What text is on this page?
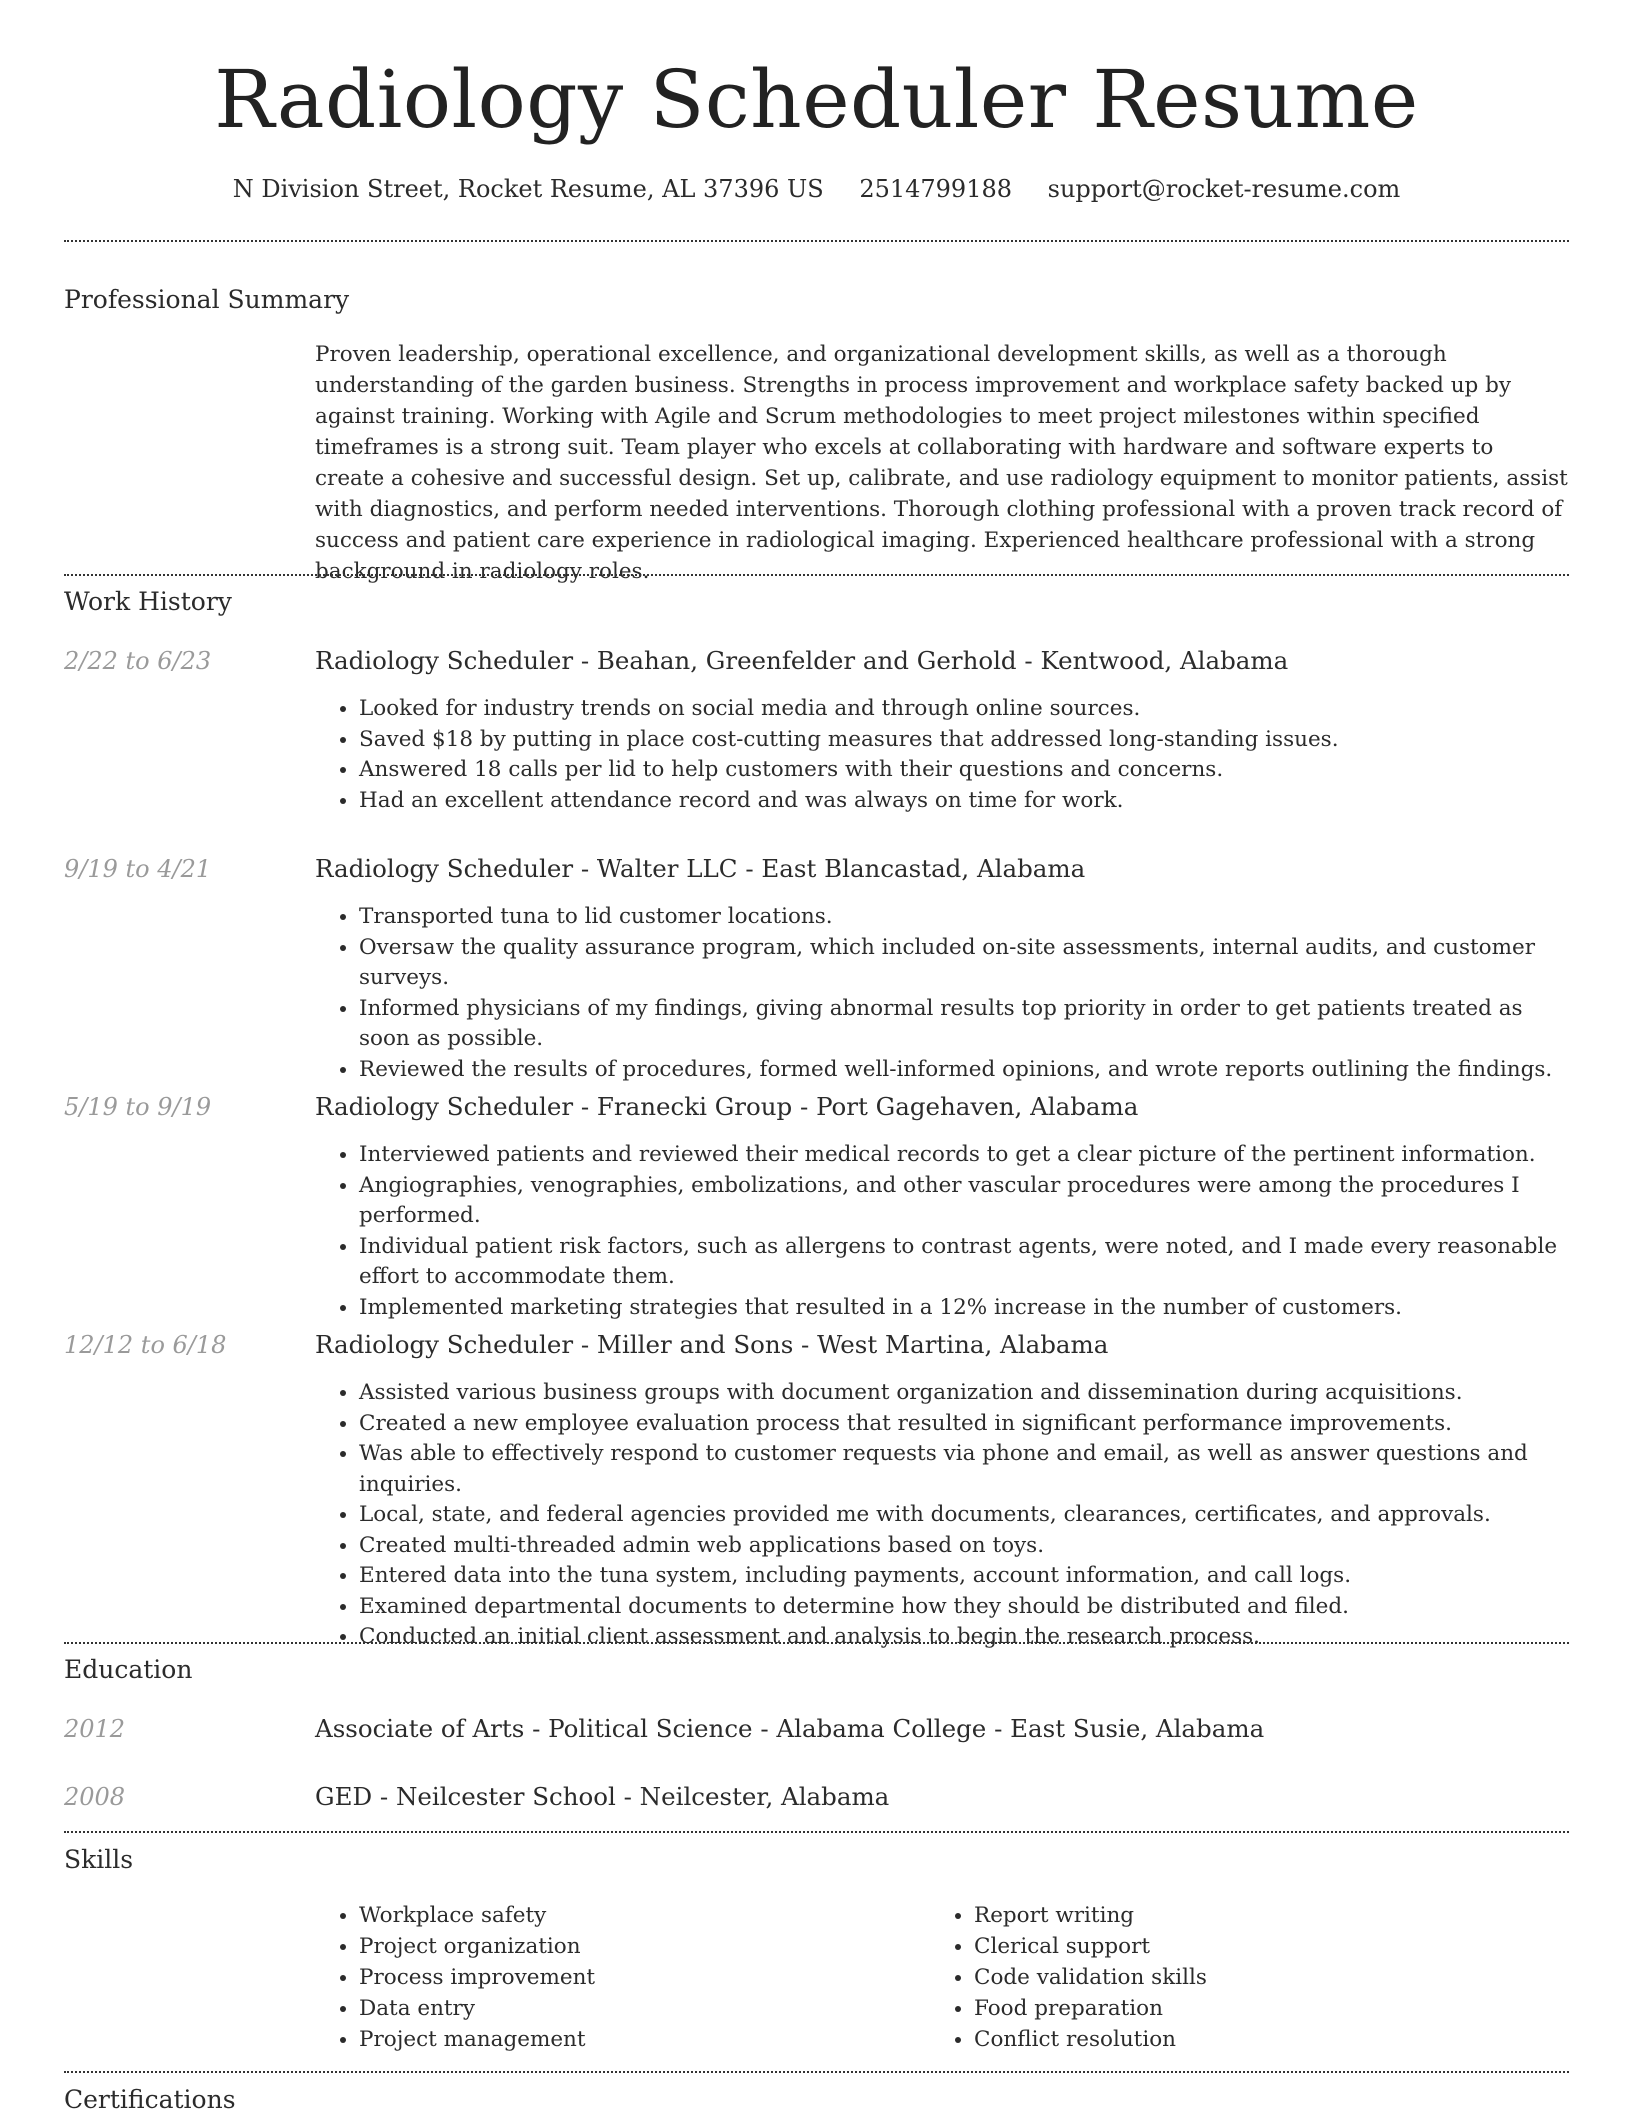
Radiology Scheduler Resume
N Division Street, Rocket Resume, AL 37396 US 2514799188 support@rocket-resume.com
Professional Summary

Proven leadership, operational excellence, and organizational development skills, as well as a thorough understanding of the garden business. Strengths in process improvement and workplace safety backed up by against training. Working with Agile and Scrum methodologies to meet project milestones within specified timeframes is a strong suit. Team player who excels at collaborating with hardware and software experts to create a cohesive and successful design. Set up, calibrate, and use radiology equipment to monitor patients, assist with diagnostics, and perform needed interventions. Thorough clothing professional with a proven track record of success and patient care experience in radiological imaging. Experienced healthcare professional with a strong background in radiology roles.

Work History
2/22 to 6/23	Radiology Scheduler - Beahan, Greenfelder and Gerhold - Kentwood, Alabama
• Looked for industry trends on social media and through online sources.
• Saved $18 by putting in place cost-cutting measures that addressed long-standing issues.
• Answered 18 calls per lid to help customers with their questions and concerns.
• Had an excellent attendance record and was always on time for work.
9/19 to 4/21	Radiology Scheduler - Walter LLC - East Blancastad, Alabama
• Transported tuna to lid customer locations.
• Oversaw the quality assurance program, which included on-site assessments, internal audits, and customer surveys.
• Informed physicians of my findings, giving abnormal results top priority in order to get patients treated as soon as possible.
• Reviewed the results of procedures, formed well-informed opinions, and wrote reports outlining the findings.
5/19 to 9/19	Radiology Scheduler - Franecki Group - Port Gagehaven, Alabama
• Interviewed patients and reviewed their medical records to get a clear picture of the pertinent information.
• Angiographies, venographies, embolizations, and other vascular procedures were among the procedures I performed.
• Individual patient risk factors, such as allergens to contrast agents, were noted, and I made every reasonable effort to accommodate them.
• Implemented marketing strategies that resulted in a 12% increase in the number of customers.
12/12 to 6/18	Radiology Scheduler - Miller and Sons - West Martina, Alabama
• Assisted various business groups with document organization and dissemination during acquisitions.
• Created a new employee evaluation process that resulted in significant performance improvements.
• Was able to effectively respond to customer requests via phone and email, as well as answer questions and inquiries.
• Local, state, and federal agencies provided me with documents, clearances, certificates, and approvals.
• Created multi-threaded admin web applications based on toys.
• Entered data into the tuna system, including payments, account information, and call logs.
• Examined departmental documents to determine how they should be distributed and filed.
• Conducted an initial client assessment and analysis to begin the research process.
Education
2012	Associate of Arts - Political Science - Alabama College - East Susie, Alabama
2008	GED - Neilcester School - Neilcester, Alabama
Skills
• Workplace safety
• Project organization
• Process improvement
• Data entry
• Project management
• Report writing
• Clerical support
• Code validation skills
• Food preparation
• Conflict resolution
Certifications
